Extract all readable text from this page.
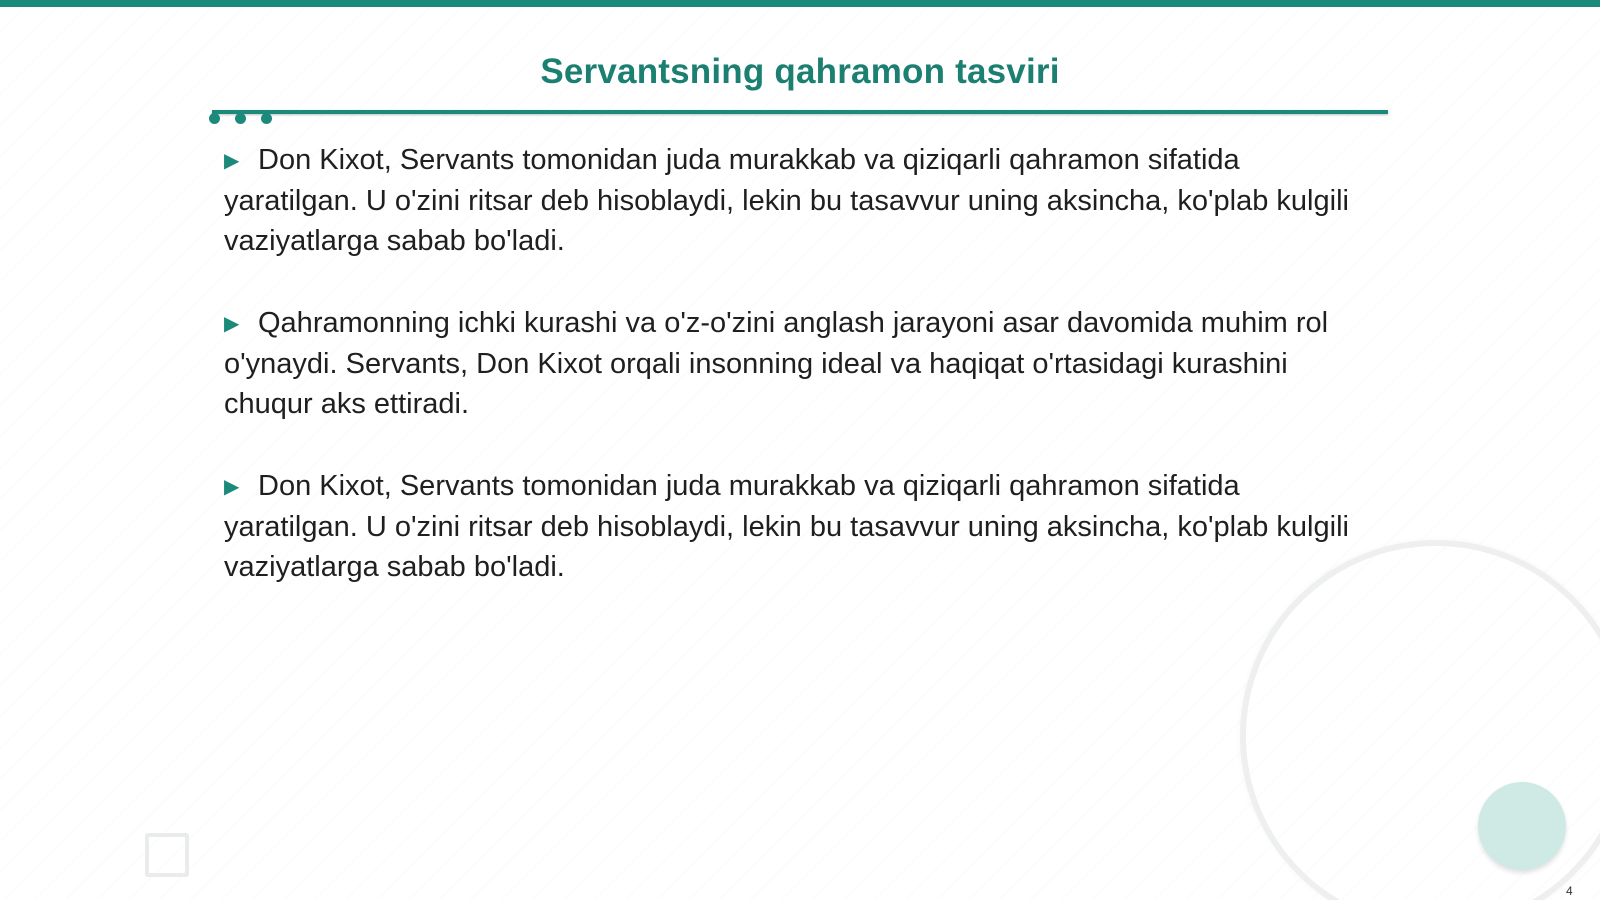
Servantsning qahramon tasviri

▶ Don Kixot, Servants tomonidan juda murakkab va qiziqarli qahramon sifatida yaratilgan. U o'zini ritsar deb hisoblaydi, lekin bu tasavvur uning aksincha, ko'plab kulgili vaziyatlarga sabab bo'ladi.

▶ Qahramonning ichki kurashi va o'z-o'zini anglash jarayoni asar davomida muhim rol o'ynaydi. Servants, Don Kixot orqali insonning ideal va haqiqat o'rtasidagi kurashini chuqur aks ettiradi.

▶ Don Kixot, Servants tomonidan juda murakkab va qiziqarli qahramon sifatida yaratilgan. U o'zini ritsar deb hisoblaydi, lekin bu tasavvur uning aksincha, ko'plab kulgili vaziyatlarga sabab bo'ladi.

4
